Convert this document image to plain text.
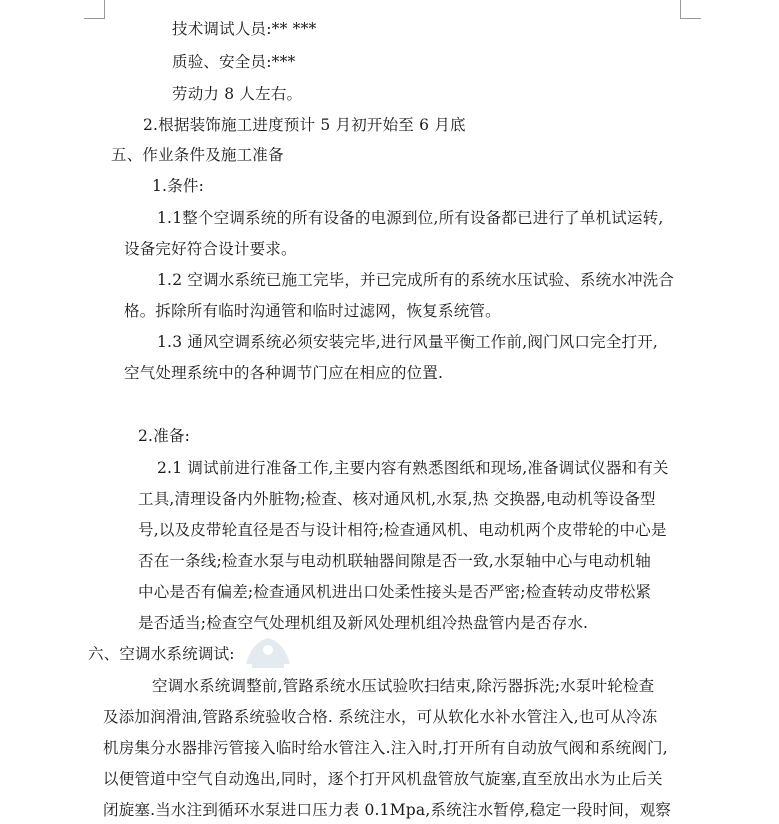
技术调试人员:** ***
质验、安全员:***
劳动力 8 人左右。
2.根据装饰施工进度预计 5 月初开始至 6 月底
五、作业条件及施工准备
1.条件:
1.1整个空调系统的所有设备的电源到位,所有设备都已进行了单机试运转,
设备完好符合设计要求。
1.2 空调水系统已施工完毕，并已完成所有的系统水压试验、系统水冲洗合
格。拆除所有临时沟通管和临时过滤网，恢复系统管。
1.3 通风空调系统必须安装完毕,进行风量平衡工作前,阀门风口完全打开,
空气处理系统中的各种调节门应在相应的位置.
2.准备:
2.1 调试前进行准备工作,主要内容有熟悉图纸和现场,准备调试仪器和有关
工具,清理设备内外脏物;检查、核对通风机,水泵,热 交换器,电动机等设备型
号,以及皮带轮直径是否与设计相符;检查通风机、电动机两个皮带轮的中心是
否在一条线;检查水泵与电动机联轴器间隙是否一致,水泵轴中心与电动机轴
中心是否有偏差;检查通风机进出口处柔性接头是否严密;检查转动皮带松紧
是否适当;检查空气处理机组及新风处理机组冷热盘管内是否存水.
六、空调水系统调试:
空调水系统调整前,管路系统水压试验吹扫结束,除污器拆洗;水泵叶轮检查
及添加润滑油,管路系统验收合格. 系统注水，可从软化水补水管注入,也可从冷冻
机房集分水器排污管接入临时给水管注入.注入时,打开所有自动放气阀和系统阀门,
以便管道中空气自动逸出,同时，逐个打开风机盘管放气旋塞,直至放出水为止后关
闭旋塞.当水注到循环水泵进口压力表 0.1Mpa,系统注水暂停,稳定一段时间，观察
